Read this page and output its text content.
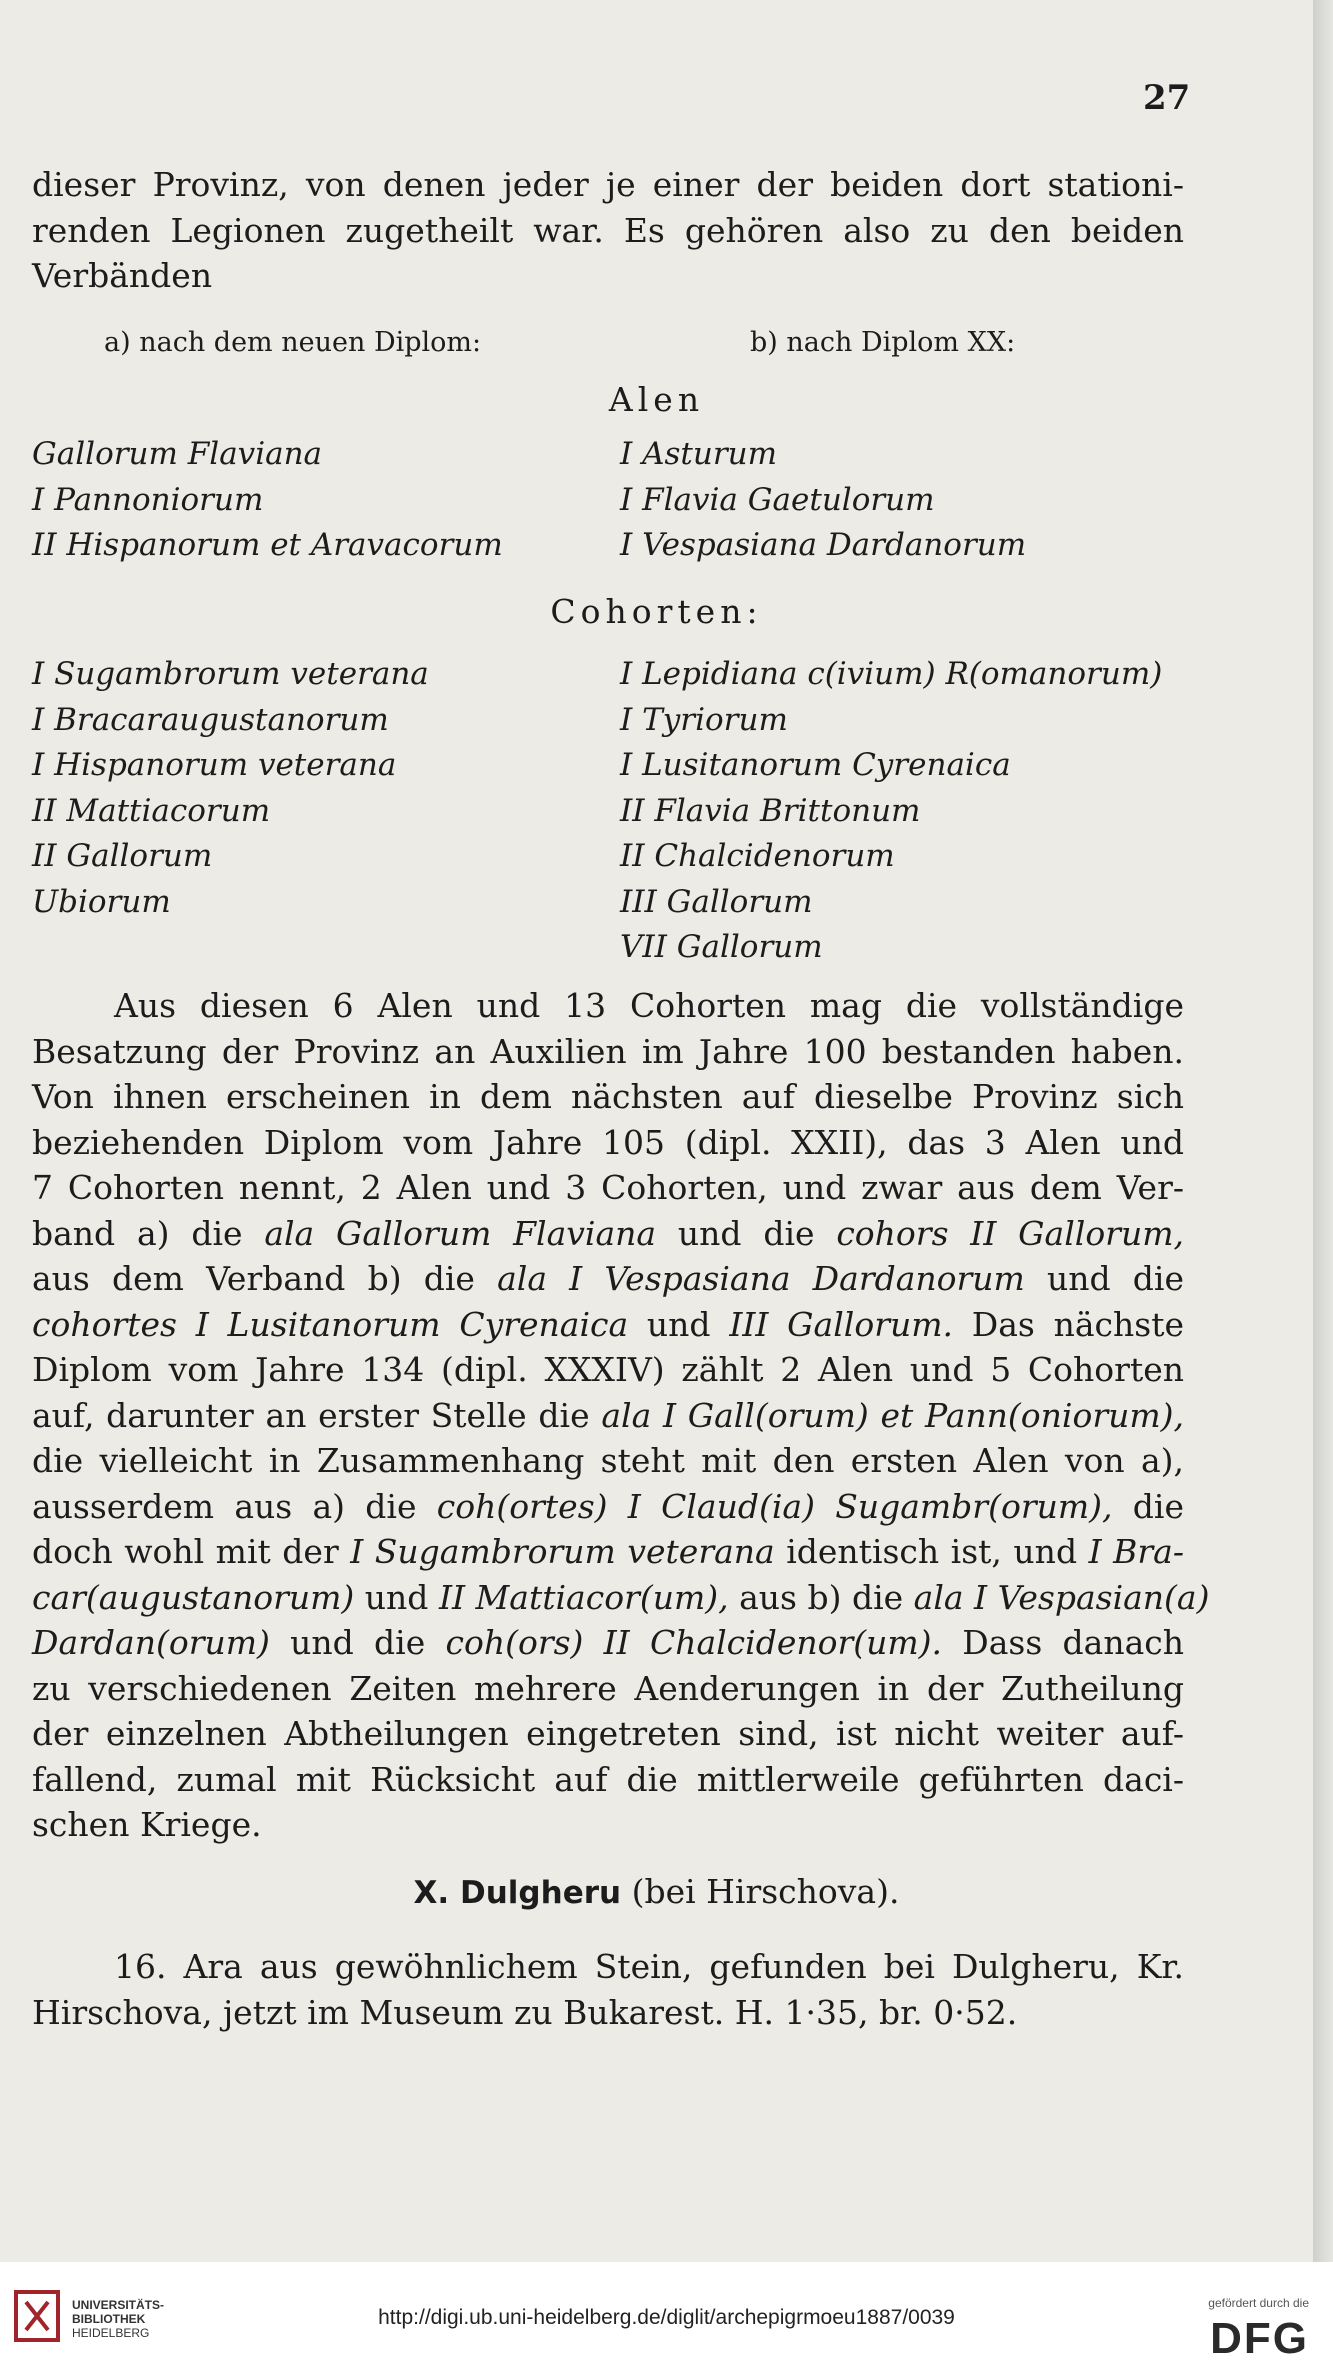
27
dieser Provinz, von denen jeder je einer der beiden dort stationi-
renden Legionen zugetheilt war. Es gehören also zu den beiden
Verbänden
a) nach dem neuen Diplom:	b) nach Diplom XX:
Alen
Gallorum Flaviana
I Pannoniorum
II Hispanorum et Aravacorum
I Asturum
I Flavia Gaetulorum
I Vespasiana Dardanorum
Cohorten:
I Sugambrorum veterana
I Bracaraugustanorum
I Hispanorum veterana
II Mattiacorum
II Gallorum
Ubiorum
I Lepidiana c(ivium) R(omanorum)
I Tyriorum
I Lusitanorum Cyrenaica
II Flavia Brittonum
II Chalcidenorum
III Gallorum
VII Gallorum
Aus diesen 6 Alen und 13 Cohorten mag die vollständige
Besatzung der Provinz an Auxilien im Jahre 100 bestanden haben.
Von ihnen erscheinen in dem nächsten auf dieselbe Provinz sich
beziehenden Diplom vom Jahre 105 (dipl. XXII), das 3 Alen und
7 Cohorten nennt, 2 Alen und 3 Cohorten, und zwar aus dem Ver-
band a) die ala Gallorum Flaviana und die cohors II Gallorum,
aus dem Verband b) die ala I Vespasiana Dardanorum und die
cohortes I Lusitanorum Cyrenaica und III Gallorum. Das nächste
Diplom vom Jahre 134 (dipl. XXXIV) zählt 2 Alen und 5 Cohorten
auf, darunter an erster Stelle die ala I Gall(orum) et Pann(oniorum),
die vielleicht in Zusammenhang steht mit den ersten Alen von a),
ausserdem aus a) die coh(ortes) I Claud(ia) Sugambr(orum), die
doch wohl mit der I Sugambrorum veterana identisch ist, und I Bra-
car(augustanorum) und II Mattiacor(um), aus b) die ala I Vespasian(a)
Dardan(orum) und die coh(ors) II Chalcidenor(um). Dass danach
zu verschiedenen Zeiten mehrere Aenderungen in der Zutheilung
der einzelnen Abtheilungen eingetreten sind, ist nicht weiter auf-
fallend, zumal mit Rücksicht auf die mittlerweile geführten daci-
schen Kriege.
X. Dulgheru (bei Hirschova).
16. Ara aus gewöhnlichem Stein, gefunden bei Dulgheru, Kr.
Hirschova, jetzt im Museum zu Bukarest. H. 1·35, br. 0·52.
UNIVERSITÄTS-
BIBLIOTHEK
HEIDELBERG
http://digi.ub.uni-heidelberg.de/diglit/archepigrmoeu1887/0039
gefördert durch die
DFG
